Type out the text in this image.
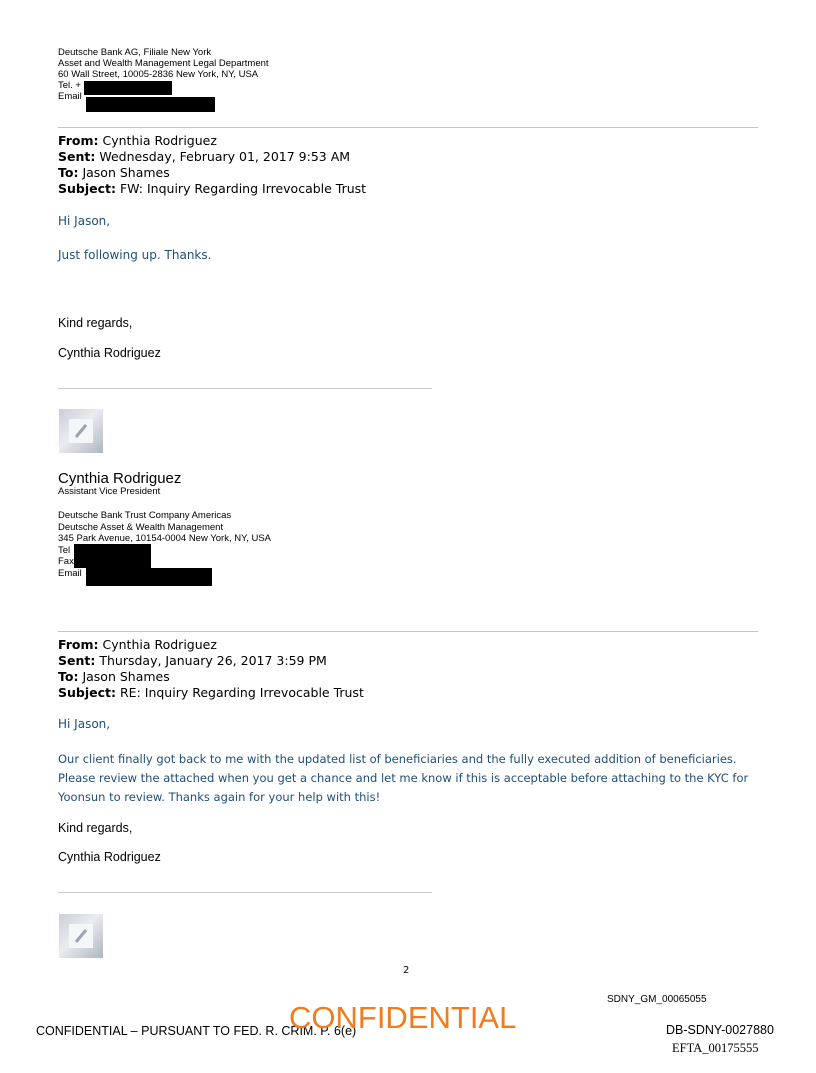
Deutsche Bank AG, Filiale New York
Asset and Wealth Management Legal Department
60 Wall Street, 10005-2836 New York, NY, USA
Tel. +
Email
From: Cynthia Rodriguez
Sent: Wednesday, February 01, 2017 9:53 AM
To: Jason Shames
Subject: FW: Inquiry Regarding Irrevocable Trust
Hi Jason,
Just following up. Thanks.
Kind regards,
Cynthia Rodriguez
Cynthia Rodriguez
Assistant Vice President
Deutsche Bank Trust Company Americas
Deutsche Asset & Wealth Management
345 Park Avenue, 10154-0004 New York, NY, USA
Tel
Fax
Email
From: Cynthia Rodriguez
Sent: Thursday, January 26, 2017 3:59 PM
To: Jason Shames
Subject: RE: Inquiry Regarding Irrevocable Trust
Hi Jason,
Our client finally got back to me with the updated list of beneficiaries and the fully executed addition of beneficiaries.
Please review the attached when you get a chance and let me know if this is acceptable before attaching to the KYC for
Yoonsun to review. Thanks again for your help with this!
Kind regards,
Cynthia Rodriguez
2
SDNY_GM_00065055
CONFIDENTIAL – PURSUANT TO FED. R. CRIM. P. 6(e)
CONFIDENTIAL	DB-SDNY-0027880
EFTA_00175555
